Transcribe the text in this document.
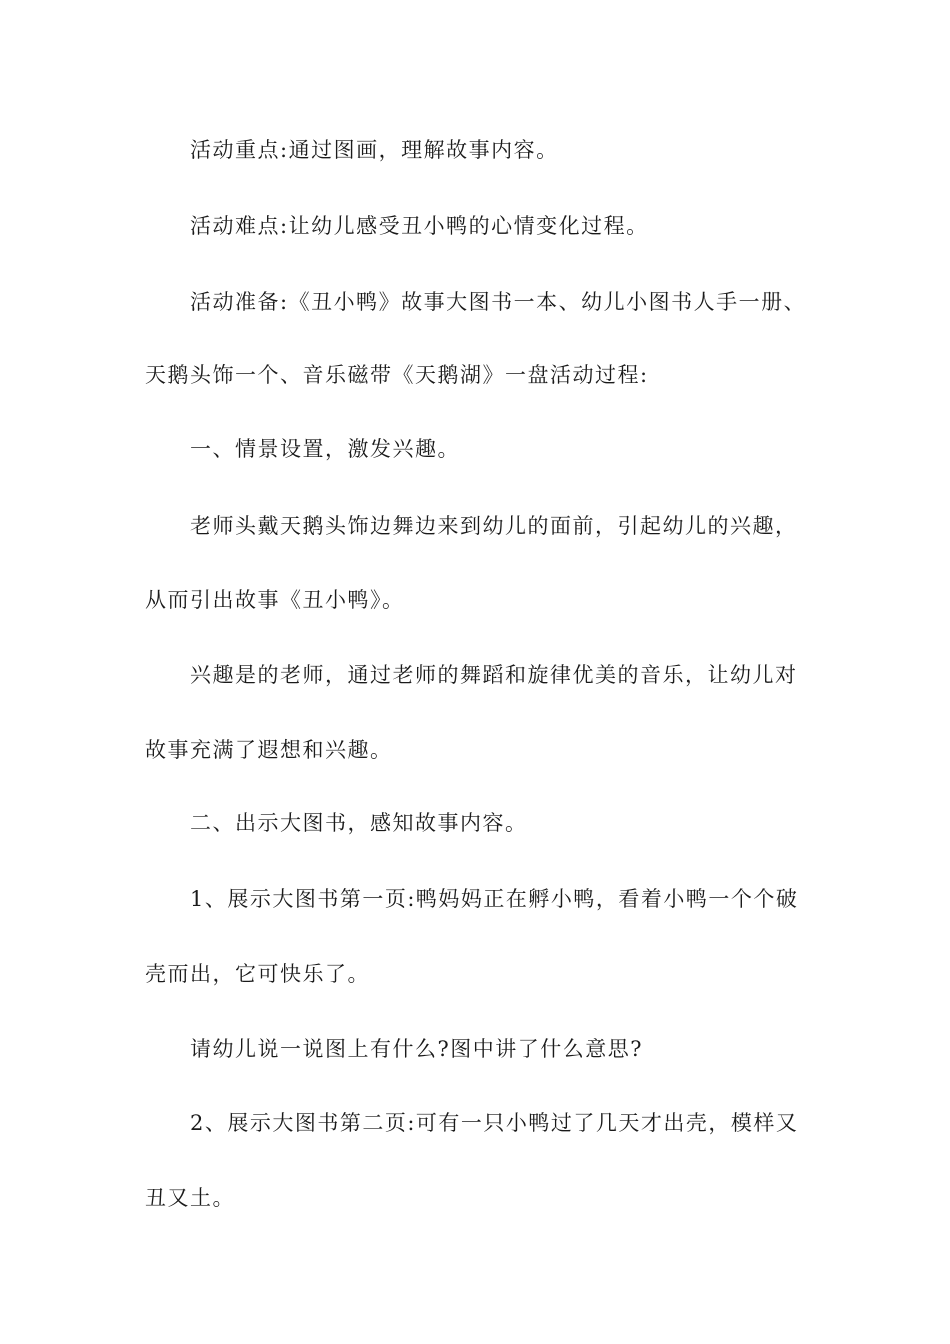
活动重点:通过图画，理解故事内容。
活动难点:让幼儿感受丑小鸭的心情变化过程。
活动准备:《丑小鸭》故事大图书一本、幼儿小图书人手一册、
天鹅头饰一个、音乐磁带《天鹅湖》一盘活动过程:
一、情景设置，激发兴趣。
老师头戴天鹅头饰边舞边来到幼儿的面前，引起幼儿的兴趣，
从而引出故事《丑小鸭》。
兴趣是的老师，通过老师的舞蹈和旋律优美的音乐，让幼儿对
故事充满了遐想和兴趣。
二、出示大图书，感知故事内容。
1、展示大图书第一页:鸭妈妈正在孵小鸭，看着小鸭一个个破
壳而出，它可快乐了。
请幼儿说一说图上有什么?图中讲了什么意思?
2、展示大图书第二页:可有一只小鸭过了几天才出壳，模样又
丑又土。
